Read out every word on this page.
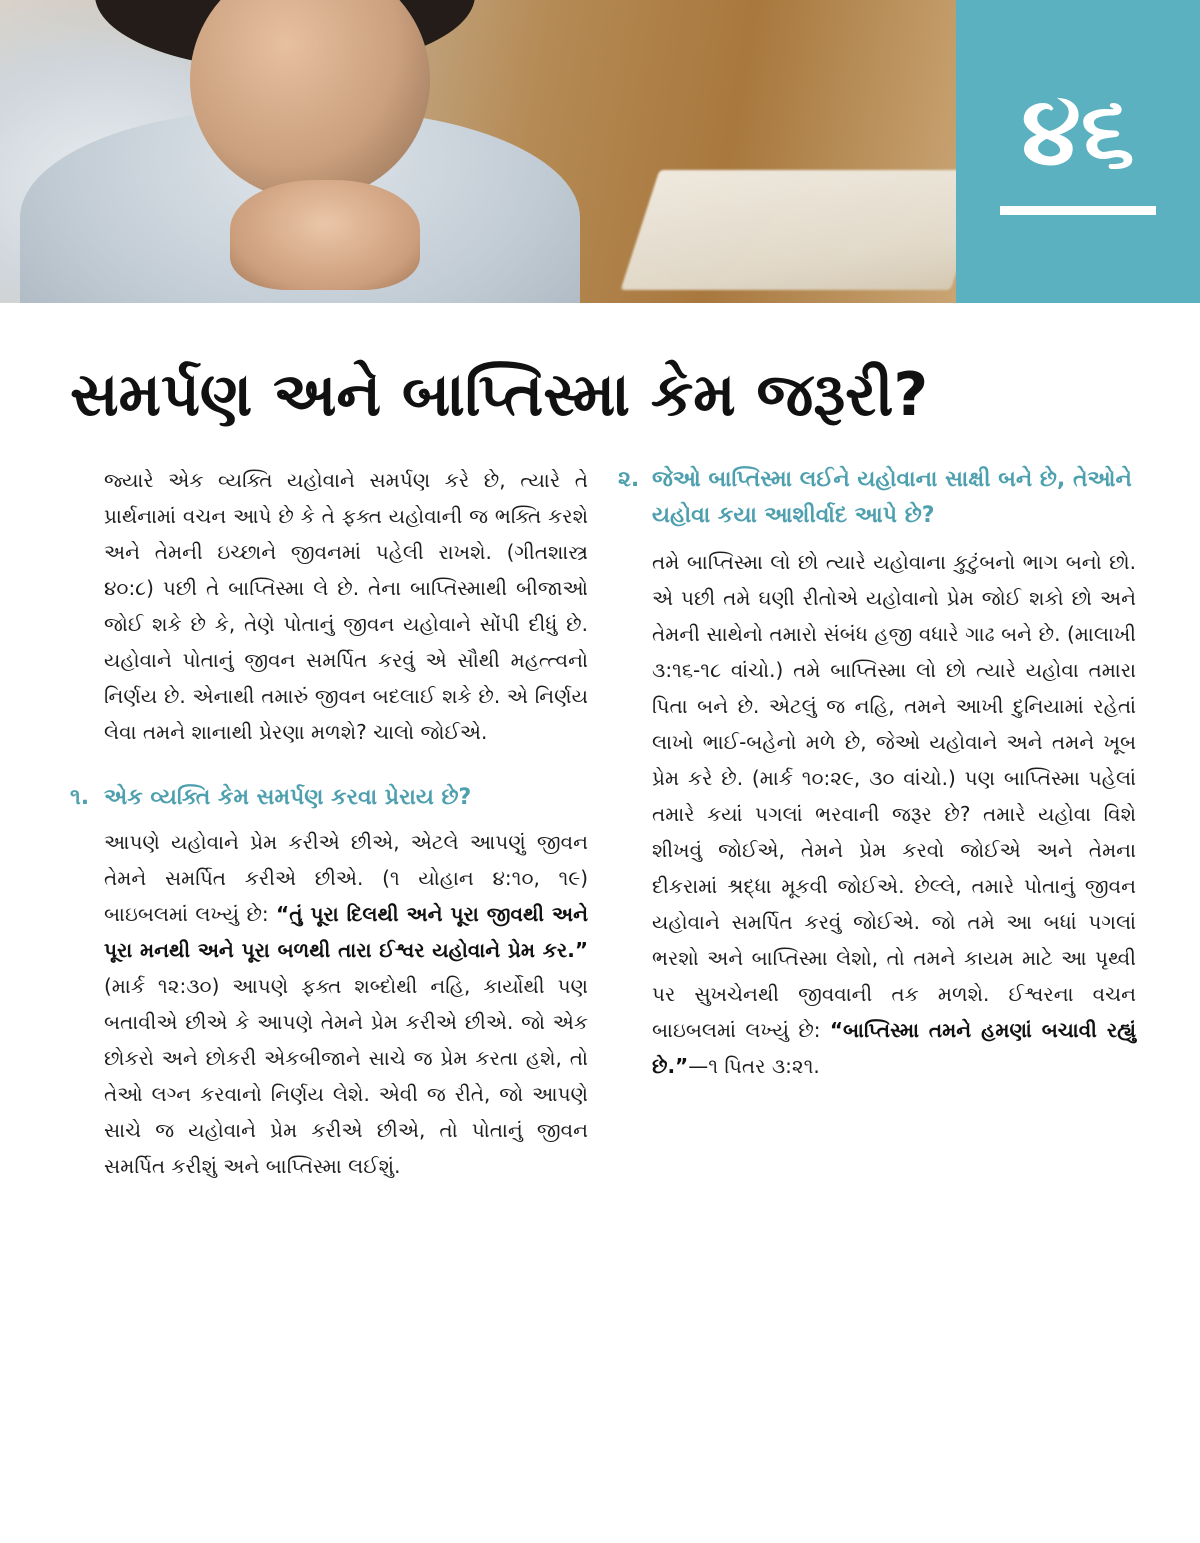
૪૬
સમર્પણ અને બાપ્તિસ્મા કેમ જરૂરી?

જ્યારે એક વ્યક્તિ યહોવાને સમર્પણ કરે છે, ત્યારે તે પ્રાર્થનામાં વચન આપે છે કે તે ફક્ત યહોવાની જ ભક્તિ કરશે અને તેમની ઇચ્છાને જીવનમાં પહેલી રાખશે. (ગીતશાસ્ત્ર ૪૦:૮) પછી તે બાપ્તિસ્મા લે છે. તેના બાપ્તિસ્માથી બીજાઓ જોઈ શકે છે કે, તેણે પોતાનું જીવન યહોવાને સોંપી દીધું છે. યહોવાને પોતાનું જીવન સમર્પિત કરવું એ સૌથી મહત્ત્વનો નિર્ણય છે. એનાથી તમારું જીવન બદલાઈ શકે છે. એ નિર્ણય લેવા તમને શાનાથી પ્રેરણા મળશે? ચાલો જોઈએ.

૧. એક વ્યક્તિ કેમ સમર્પણ કરવા પ્રેરાય છે?

આપણે યહોવાને પ્રેમ કરીએ છીએ, એટલે આપણું જીવન તેમને સમર્પિત કરીએ છીએ. (૧ યોહાન ૪:૧૦, ૧૯) બાઇબલમાં લખ્યું છે: “તું પૂરા દિલથી અને પૂરા જીવથી અને પૂરા મનથી અને પૂરા બળથી તારા ઈશ્વર યહોવાને પ્રેમ કર.” (માર્ક ૧૨:૩૦) આપણે ફક્ત શબ્દોથી નહિ, કાર્યોથી પણ બતાવીએ છીએ કે આપણે તેમને પ્રેમ કરીએ છીએ. જો એક છોકરો અને છોકરી એકબીજાને સાચે જ પ્રેમ કરતા હશે, તો તેઓ લગ્ન કરવાનો નિર્ણય લેશે. એવી જ રીતે, જો આપણે સાચે જ યહોવાને પ્રેમ કરીએ છીએ, તો પોતાનું જીવન સમર્પિત કરીશું અને બાપ્તિસ્મા લઈશું.

૨. જેઓ બાપ્તિસ્મા લઈને યહોવાના સાક્ષી બને છે, તેઓને યહોવા કયા આશીર્વાદ આપે છે?

તમે બાપ્તિસ્મા લો છો ત્યારે યહોવાના કુટુંબનો ભાગ બનો છો. એ પછી તમે ઘણી રીતોએ યહોવાનો પ્રેમ જોઈ શકો છો અને તેમની સાથેનો તમારો સંબંધ હજી વધારે ગાઢ બને છે. (માલાખી ૩:૧૬-૧૮ વાંચો.) તમે બાપ્તિસ્મા લો છો ત્યારે યહોવા તમારા પિતા બને છે. એટલું જ નહિ, તમને આખી દુનિયામાં રહેતાં લાખો ભાઈ-બહેનો મળે છે, જેઓ યહોવાને અને તમને ખૂબ પ્રેમ કરે છે. (માર્ક ૧૦:૨૯, ૩૦ વાંચો.) પણ બાપ્તિસ્મા પહેલાં તમારે કયાં પગલાં ભરવાની જરૂર છે? તમારે યહોવા વિશે શીખવું જોઈએ, તેમને પ્રેમ કરવો જોઈએ અને તેમના દીકરામાં શ્રદ્ધા મૂકવી જોઈએ. છેલ્લે, તમારે પોતાનું જીવન યહોવાને સમર્પિત કરવું જોઈએ. જો તમે આ બધાં પગલાં ભરશો અને બાપ્તિસ્મા લેશો, તો તમને કાયમ માટે આ પૃથ્વી પર સુખચેનથી જીવવાની તક મળશે. ઈશ્વરના વચન બાઇબલમાં લખ્યું છે: “બાપ્તિસ્મા તમને હમણાં બચાવી રહ્યું છે.”—૧ પિતર ૩:૨૧.
